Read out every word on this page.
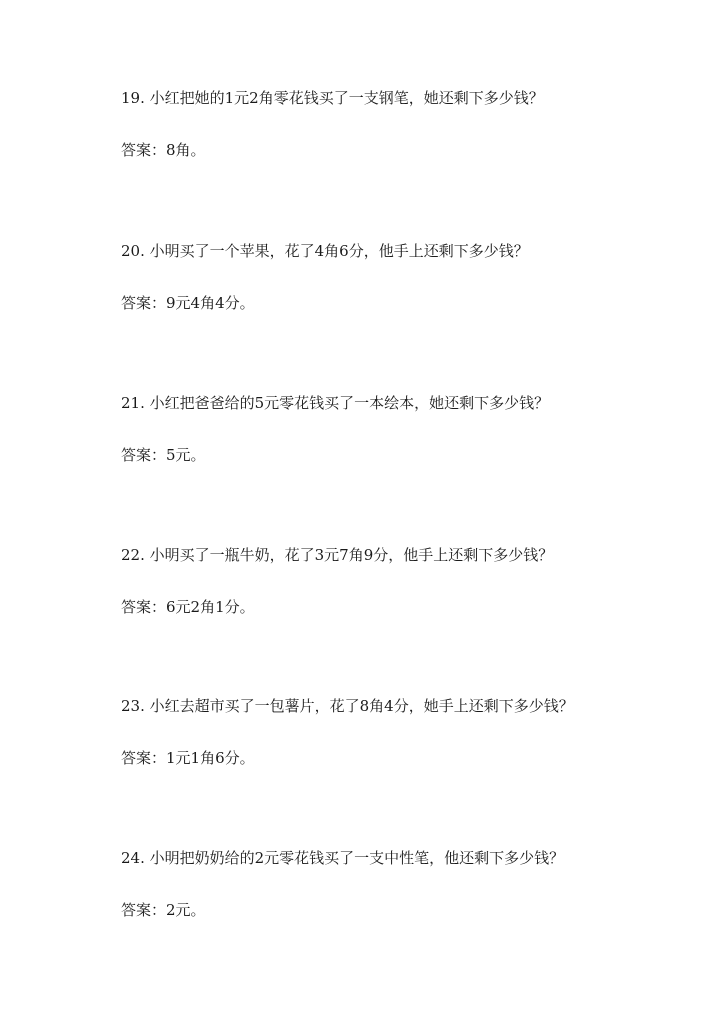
19. 小红把她的1元2角零花钱买了一支钢笔，她还剩下多少钱？

答案：8角。

20. 小明买了一个苹果，花了4角6分，他手上还剩下多少钱？

答案：9元4角4分。

21. 小红把爸爸给的5元零花钱买了一本绘本，她还剩下多少钱？

答案：5元。

22. 小明买了一瓶牛奶，花了3元7角9分，他手上还剩下多少钱？

答案：6元2角1分。

23. 小红去超市买了一包薯片，花了8角4分，她手上还剩下多少钱？

答案：1元1角6分。

24. 小明把奶奶给的2元零花钱买了一支中性笔，他还剩下多少钱？

答案：2元。
